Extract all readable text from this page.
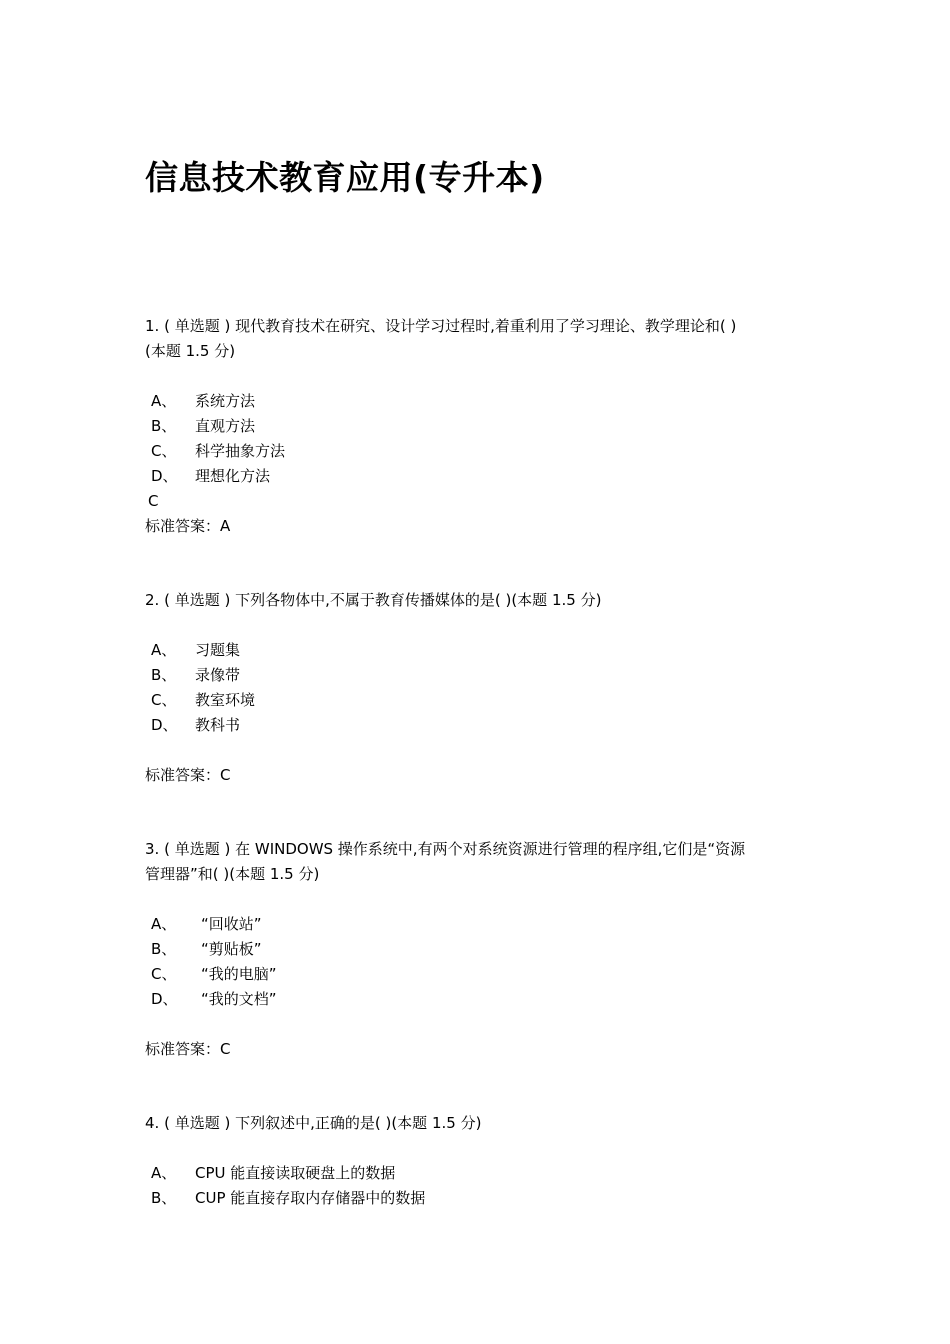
信息技术教育应用(专升本)
1. ( 单选题 ) 现代教育技术在研究、设计学习过程时,着重利用了学习理论、教学理论和( )
(本题 1.5 分)
A、 系统方法
B、 直观方法
C、 科学抽象方法
D、 理想化方法
C
标准答案：A
2. ( 单选题 ) 下列各物体中,不属于教育传播媒体的是( )(本题 1.5 分)
A、 习题集
B、 录像带
C、 教室环境
D、 教科书
标准答案：C
3. ( 单选题 ) 在 WINDOWS 操作系统中,有两个对系统资源进行管理的程序组,它们是“资源
管理器”和( )(本题 1.5 分)
A、 “回收站”
B、 “剪贴板”
C、 “我的电脑”
D、 “我的文档”
标准答案：C
4. ( 单选题 ) 下列叙述中,正确的是( )(本题 1.5 分)
A、 CPU 能直接读取硬盘上的数据
B、 CUP 能直接存取内存储器中的数据
